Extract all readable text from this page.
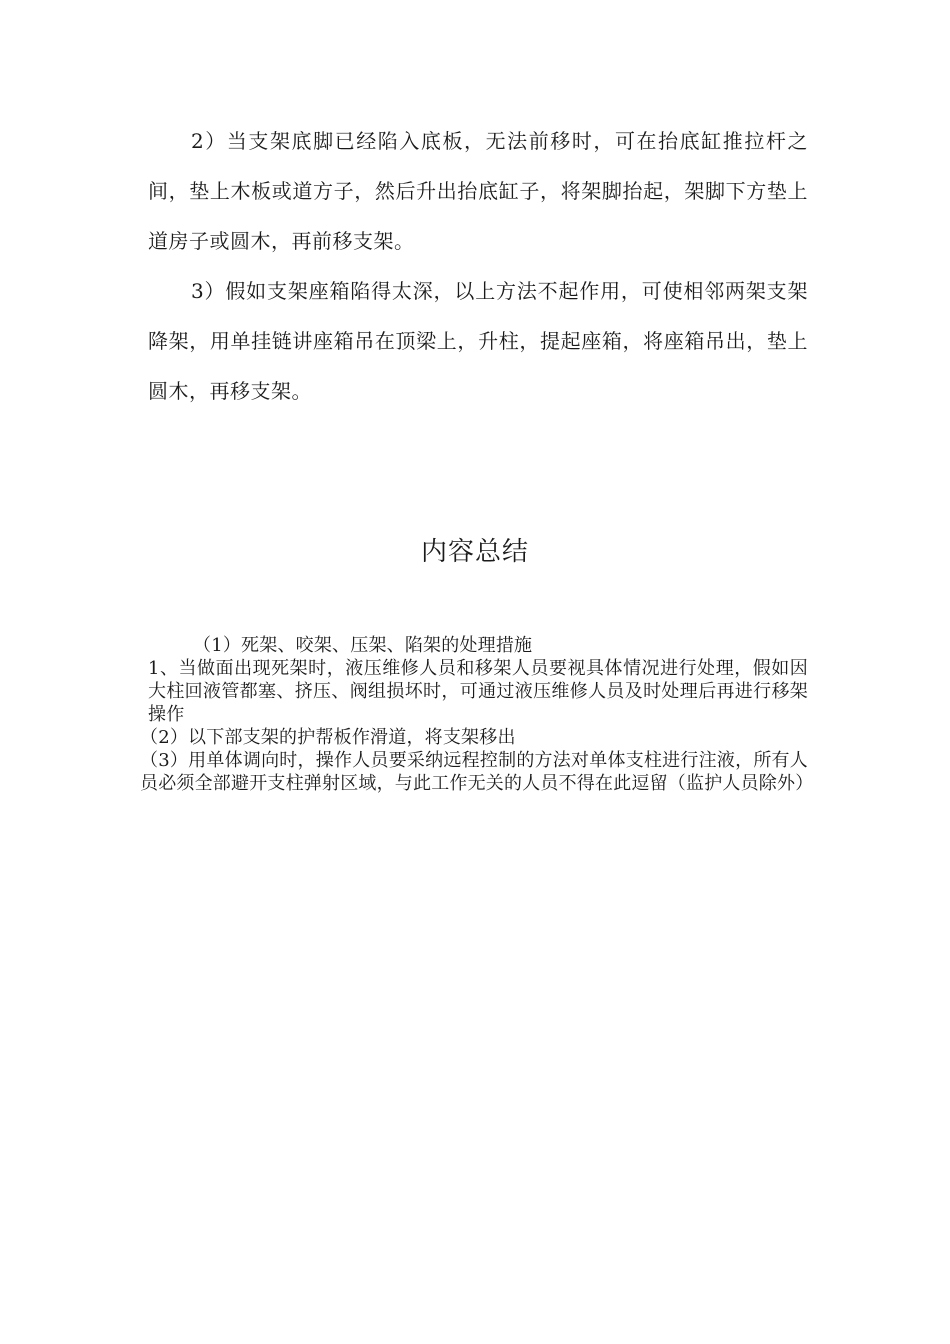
2）当支架底脚已经陷入底板，无法前移时，可在抬底缸推拉杆之间，垫上木板或道方子，然后升出抬底缸子，将架脚抬起，架脚下方垫上道房子或圆木，再前移支架。

3）假如支架座箱陷得太深，以上方法不起作用，可使相邻两架支架降架，用单挂链讲座箱吊在顶梁上，升柱，提起座箱，将座箱吊出，垫上圆木，再移支架。

内容总结

（1）死架、咬架、压架、陷架的处理措施

1、当做面出现死架时，液压维修人员和移架人员要视具体情况进行处理，假如因大柱回液管都塞、挤压、阀组损坏时，可通过液压维修人员及时处理后再进行移架操作

（2）以下部支架的护帮板作滑道，将支架移出

（3）用单体调向时，操作人员要采纳远程控制的方法对单体支柱进行注液，所有人员必须全部避开支柱弹射区域，与此工作无关的人员不得在此逗留（监护人员除外）
